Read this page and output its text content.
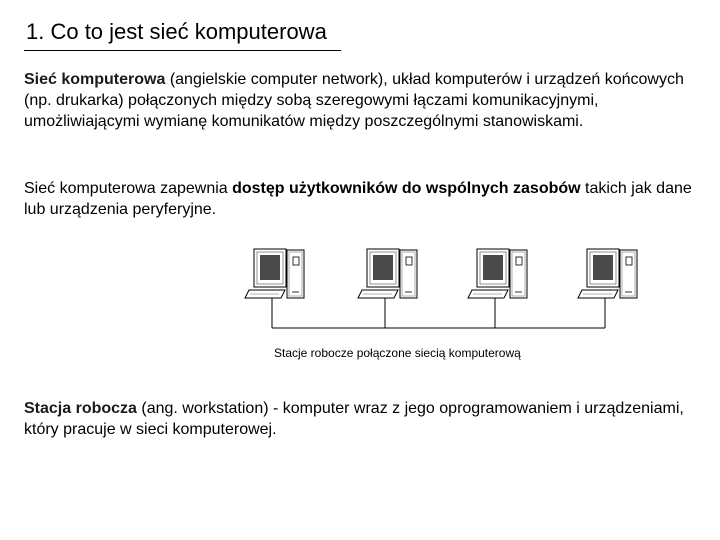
1. Co to jest sieć komputerowa
Sieć komputerowa (angielskie computer network), układ komputerów i urządzeń końcowych (np. drukarka) połączonych między sobą szeregowymi łączami komunikacyjnymi, umożliwiającymi wymianę komunikatów między poszczególnymi stanowiskami.
Sieć komputerowa zapewnia dostęp użytkowników do wspólnych zasobów takich jak dane lub urządzenia peryferyjne.
Stacje robocze połączone siecią komputerową
Stacja robocza (ang. workstation) - komputer wraz z jego oprogramowaniem i urządzeniami, który pracuje w sieci komputerowej.
